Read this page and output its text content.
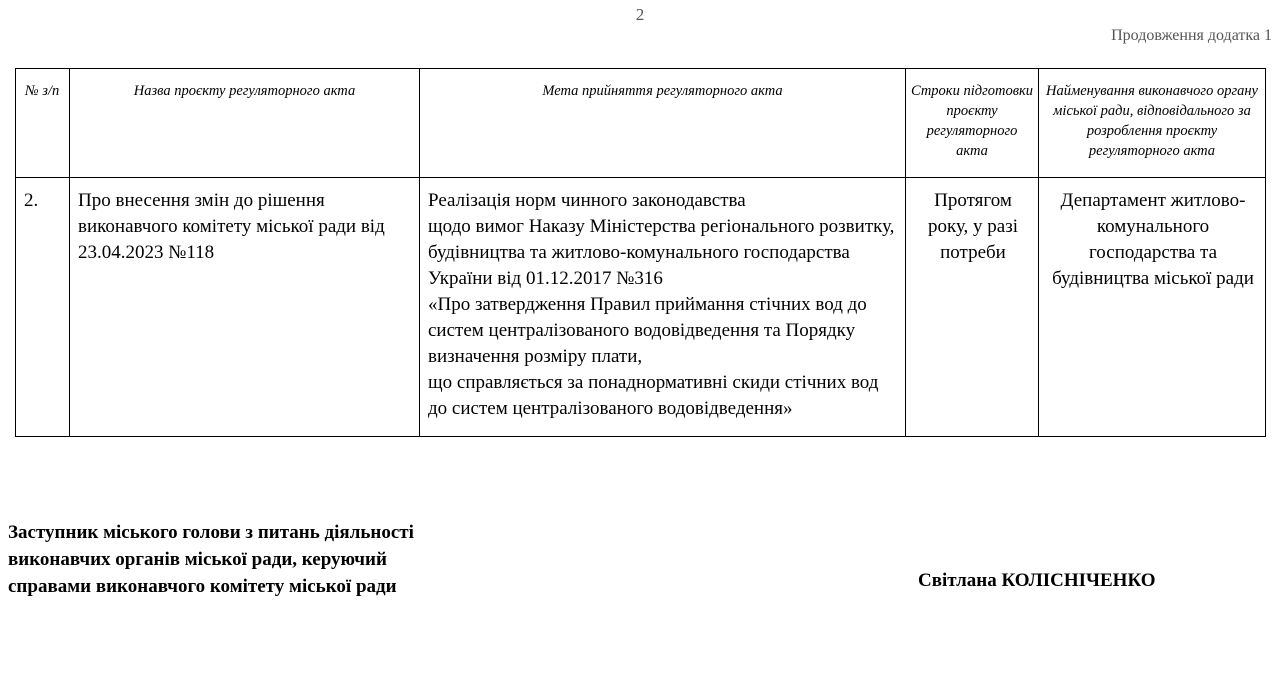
2
Продовження додатка 1
№ з/п	Назва проєкту регуляторного акта	Мета прийняття регуляторного акта	Строки підготовки проєкту регуляторного акта	Найменування виконавчого органу міської ради, відповідального за розроблення проєкту регуляторного акта
2.	Про внесення змін до рішення виконавчого комітету міської ради від 23.04.2023 №118	Реалізація норм чинного законодавства
щодо вимог Наказу Міністерства регіонального розвитку, будівництва та житлово-комунального господарства України від 01.12.2017 №316
«Про затвердження Правил приймання стічних вод до систем централізованого водовідведення та Порядку визначення розміру плати,
що справляється за понаднормативні скиди стічних вод до систем централізованого водовідведення»	Протягом року, у разі потреби	Департамент житлово-комунального господарства та будівництва міської ради
Заступник міського голови з питань діяльності
виконавчих органів міської ради, керуючий
справами виконавчого комітету міської ради	Світлана КОЛІСНІЧЕНКО
